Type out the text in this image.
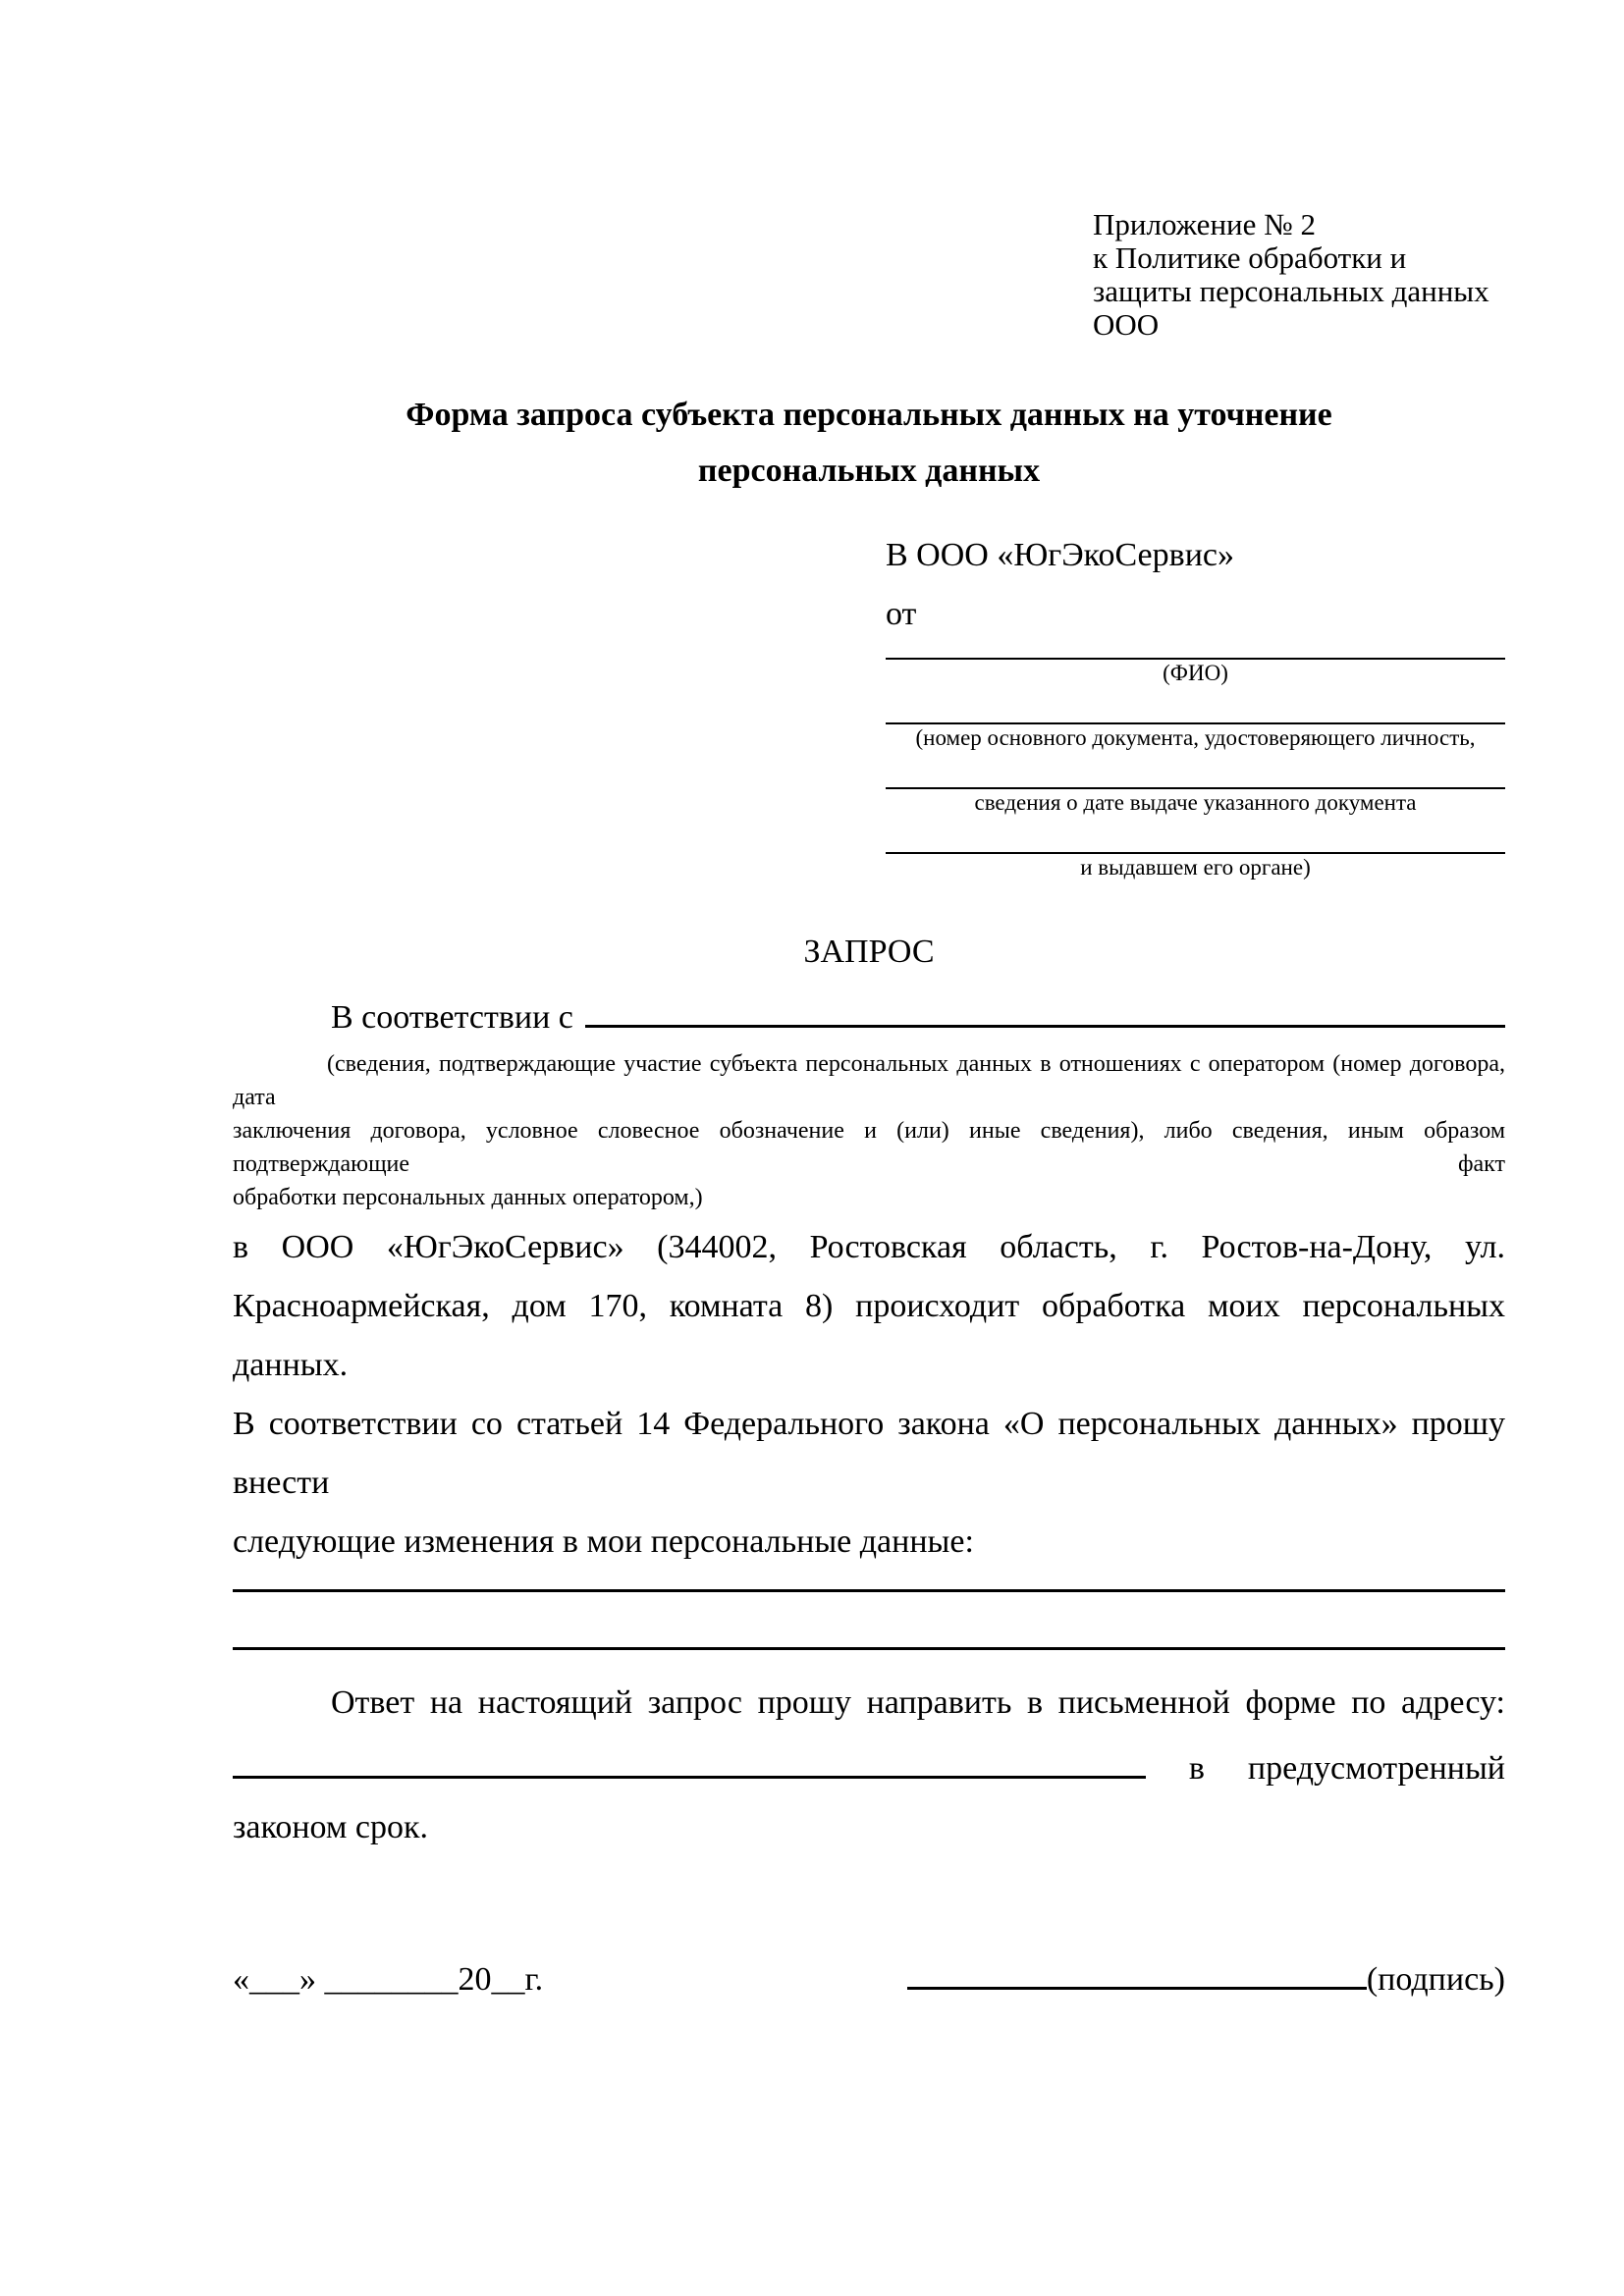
Приложение № 2
к Политике обработки и
защиты персональных данных
ООО
Форма запроса субъекта персональных данных на уточнение персональных данных
В ООО «ЮгЭкоСервис»
от
(ФИО)
(номер основного документа, удостоверяющего личность,
сведения о дате выдаче указанного документа
и выдавшем его органе)
ЗАПРОС
В соответствии с
(сведения, подтверждающие участие субъекта персональных данных в отношениях с оператором (номер договора, дата
заключения договора, условное словесное обозначение и (или) иные сведения), либо сведения, иным образом подтверждающие факт
обработки персональных данных оператором,)
в ООО «ЮгЭкоСервис» (344002, Ростовская область, г. Ростов-на-Дону, ул.
Красноармейская, дом 170, комната 8) происходит обработка моих персональных данных.
В соответствии со статьей 14 Федерального закона «О персональных данных» прошу внести
следующие изменения в мои персональные данные:
Ответ на настоящий запрос прошу направить в письменной форме по адресу:
в предусмотренный
законом срок.
«___» ________20__г.	(подпись)
